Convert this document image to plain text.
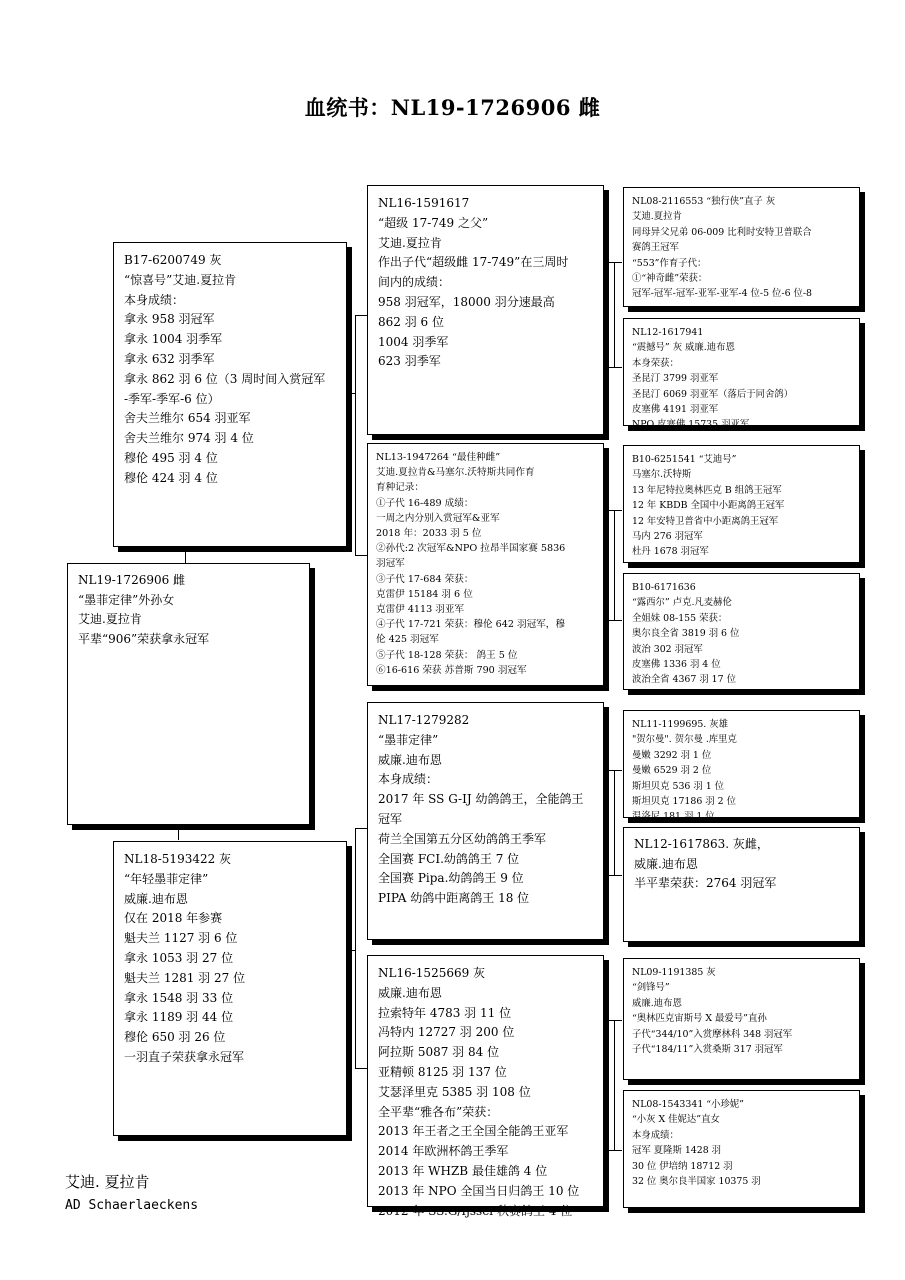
血统书：NL19-1726906 雌
NL19-1726906 雌
“墨菲定律”外孙女
艾迪.夏拉肯
平辈“906”荣获拿永冠军
B17-6200749 灰
“惊喜号”艾迪.夏拉肯
本身成绩：
拿永 958 羽冠军
拿永 1004 羽季军
拿永 632 羽季军
拿永 862 羽 6 位（3 周时间入赏冠军
-季军-季军-6 位）
舍夫兰维尔 654 羽亚军
舍夫兰维尔 974 羽 4 位
穆伦 495 羽 4 位
穆伦 424 羽 4 位
NL18-5193422 灰
“年轻墨菲定律”
威廉.迪布恩
仅在 2018 年参赛
魁夫兰 1127 羽 6 位
拿永 1053 羽 27 位
魁夫兰 1281 羽 27 位
拿永 1548 羽 33 位
拿永 1189 羽 44 位
穆伦 650 羽 26 位
一羽直子荣获拿永冠军
NL16-1591617
“超级 17-749 之父”
艾迪.夏拉肯
作出子代“超级雌 17-749”在三周时
间内的成绩：
958 羽冠军，18000 羽分速最高
862 羽 6 位
1004 羽季军
623 羽季军
NL13-1947264 “最佳种雌”
艾迪.夏拉肯&马塞尔.沃特斯共同作育
育种记录：
①子代 16-489 成绩：
一周之内分别入赏冠军&亚军
2018 年：2033 羽 5 位
②孙代:2 次冠军&NPO 拉昂半国家赛 5836
羽冠军
③子代 17-684 荣获：
克雷伊 15184 羽 6 位
克雷伊 4113 羽亚军
④子代 17-721 荣获：穆伦 642 羽冠军，穆
伦 425 羽冠军
⑤子代 18-128 荣获： 鸽王 5 位
⑥16-616 荣获 苏普斯 790 羽冠军
NL17-1279282
“墨菲定律”
威廉.迪布恩
本身成绩：
2017 年 SS G-IJ 幼鸽鸽王，全能鸽王
冠军
荷兰全国第五分区幼鸽鸽王季军
全国赛 FCI.幼鸽鸽王 7 位
全国赛 Pipa.幼鸽鸽王 9 位
PIPA 幼鸽中距离鸽王 18 位
NL16-1525669 灰
威廉.迪布恩
拉索特年 4783 羽 11 位
冯特内 12727 羽 200 位
阿拉斯 5087 羽 84 位
亚精顿 8125 羽 137 位
艾瑟泽里克 5385 羽 108 位
全平辈“雅各布”荣获：
2013 年王者之王全国全能鸽王亚军
2014 年欧洲杯鸽王季军
2013 年 WHZB 最佳雄鸽 4 位
2013 年 NPO 全国当日归鸽王 10 位
2012 年 SS.G/Ijssel 秋赛鸽王 4 位
NL08-2116553 “独行侠”直子 灰
艾迪.夏拉肯
同母异父兄弟 06-009 比利时安特卫普联合
赛鸽王冠军
“553”作育子代：
①“神奇雌”荣获：
冠军-冠军-冠军-亚军-亚军-4 位-5 位-6 位-8
NL12-1617941
“震撼号” 灰 威廉.迪布恩
本身荣获：
圣昆汀 3799 羽亚军
圣昆汀 6069 羽亚军（落后于同舍鸽）
皮塞佛 4191 羽亚军
NPO 皮塞佛 15735 羽亚军
B10-6251541 “艾迪号”
马塞尔.沃特斯
13 年尼特拉奥林匹克 B 组鸽王冠军
12 年 KBDB 全国中小距离鸽王冠军
12 年安特卫普省中小距离鸽王冠军
马内 276 羽冠军
杜丹 1678 羽冠军
B10-6171636
“露西尔” 卢克.凡麦赫伦
全姐妹 08-155 荣获：
奥尔良全省 3819 羽 6 位
波治 302 羽冠军
皮塞佛 1336 羽 4 位
波治全省 4367 羽 17 位
NL11-1199695. 灰雄
"贺尔曼". 贺尔曼 .库里克
曼嫩 3292 羽 1 位
曼嫩 6529 羽 2 位
斯坦贝克 536 羽 1 位
斯坦贝克 17186 羽 2 位
温洛尼 181 羽 1 位
NL12-1617863. 灰雌，
威廉.迪布恩
半平辈荣获：2764 羽冠军
NL09-1191385 灰
“剑锋号”
威廉.迪布恩
“奥林匹克宙斯号 X 最爱号”直孙
子代“344/10”入赏摩林科 348 羽冠军
子代“184/11”入赏桑斯 317 羽冠军
NL08-1543341 “小珍妮”
“小灰 X 佳妮达”直女
本身成绩：
冠军 夏隆斯 1428 羽
30 位 伊培纳 18712 羽
32 位 奥尔良半国家 10375 羽
艾迪. 夏拉肯
AD Schaerlaeckens
